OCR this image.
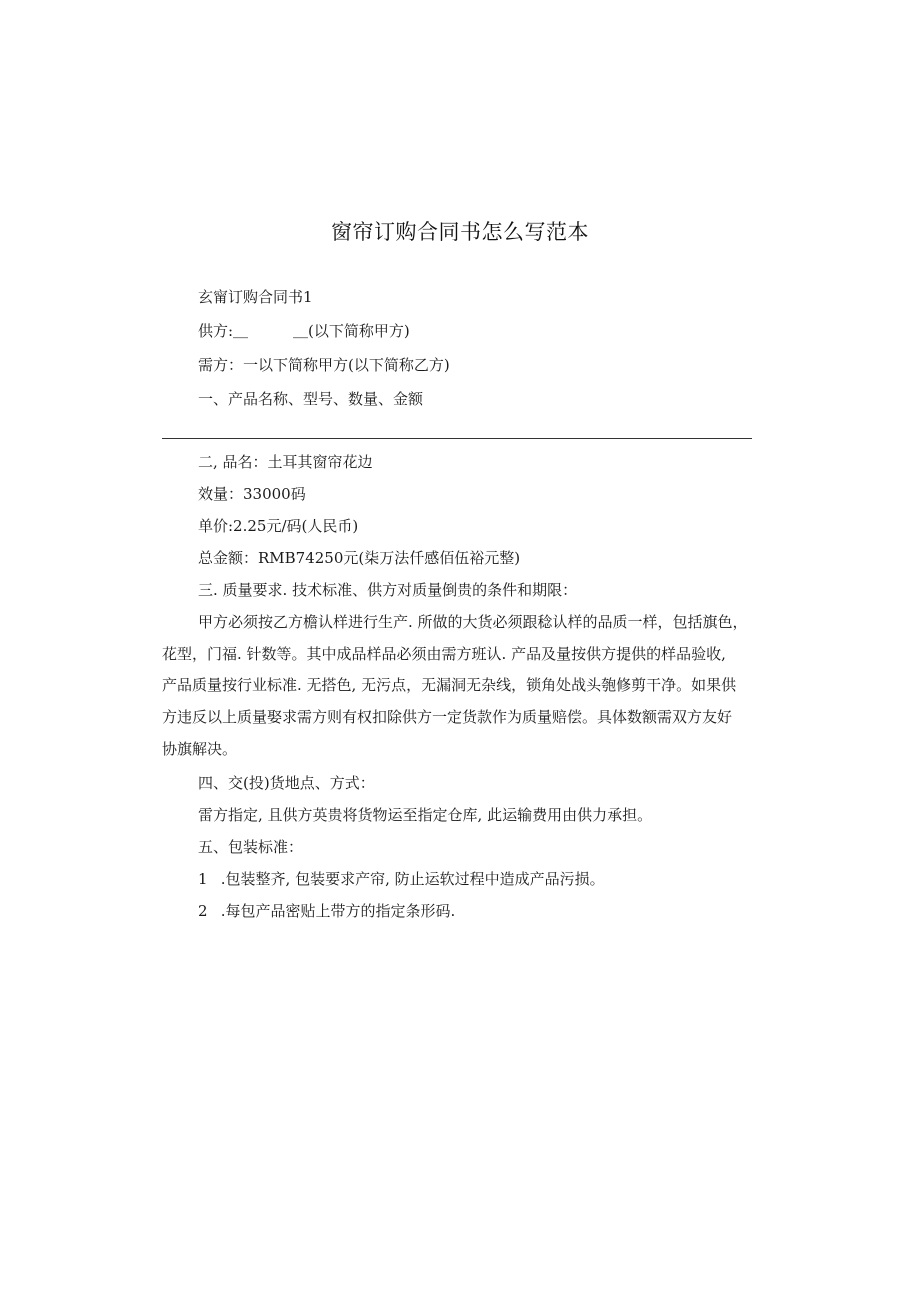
窗帘订购合同书怎么写范本
玄甯订购合同书1
供方:＿　　　＿(以下简称甲方)
需方：一以下简称甲方(以下简称乙方)
一、产品名称、型号、数量、金额
二, 品名：土耳其窗帘花边
效量：33000码
单价:2.25元/码(人民币)
总金额：RMB74250元(柒万法仟感佰伍裕元整)
三. 质量要求. 技术标准、供方对质量倒贵的条件和期限：
甲方必须按乙方檐认样进行生产. 所做的大货必须跟稔认样的品质一样，包括旗色，
花型，门福. 针数等。其中成品样品必须由需方班认. 产品及量按供方提供的样品验收,
产品质量按行业标准. 无搭色, 无污点，无漏洞无杂线，锁角处战头匏修剪干净。如果供
方违反以上质量娶求需方则有权扣除供方一定货款作为质量赔偿。具体数额需双方友好
协旗解决。
四、交(投)货地点、方式：
雷方指定, 且供方英贵将货物运至指定仓库, 此运输费用由供力承担。
五、包装标准：
1 .包装整齐, 包装要求产帘, 防止运软过程中造成产品污损。
2 .每包产品密贴上带方的指定条形码.
